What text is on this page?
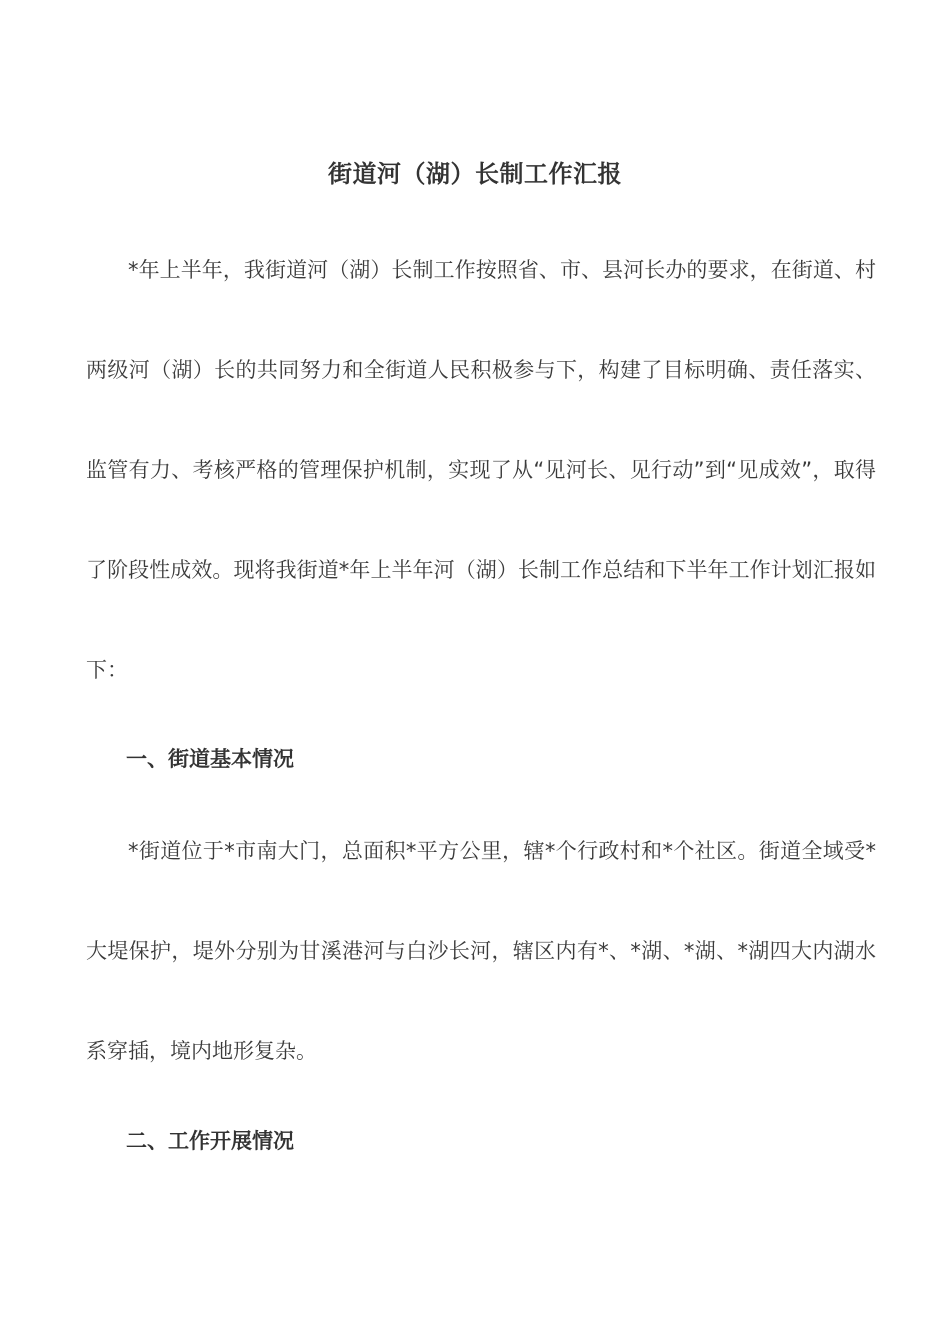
街道河（湖）长制工作汇报

*年上半年，我街道河（湖）长制工作按照省、市、县河长办的要求，在街道、村两级河（湖）长的共同努力和全街道人民积极参与下，构建了目标明确、责任落实、监管有力、考核严格的管理保护机制，实现了从“见河长、见行动”到“见成效”，取得了阶段性成效。现将我街道*年上半年河（湖）长制工作总结和下半年工作计划汇报如下：

一、街道基本情况

*街道位于*市南大门，总面积*平方公里，辖*个行政村和*个社区。街道全域受*大堤保护，堤外分别为甘溪港河与白沙长河，辖区内有*、*湖、*湖、*湖四大内湖水系穿插，境内地形复杂。

二、工作开展情况
